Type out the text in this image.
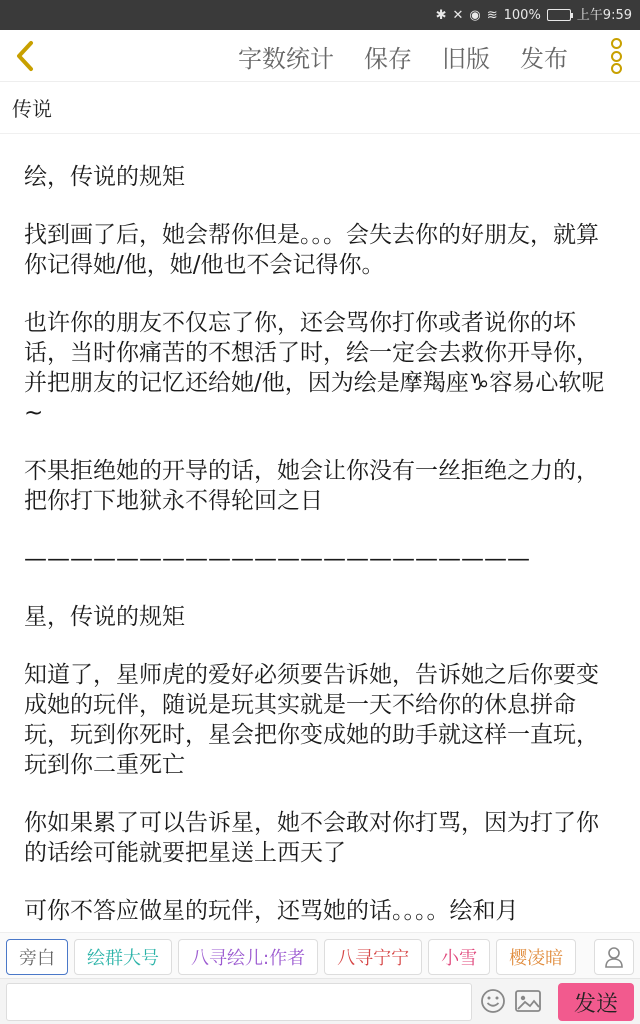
✱ ✕ ◉ ≋ 100%	上午9:59
字数统计 保存 旧版 发布
传说

绘，传说的规矩

找到画了后，她会帮你但是。。。会失去你的好朋友，就算你记得她/他，她/他也不会记得你。

也许你的朋友不仅忘了你，还会骂你打你或者说你的坏话，当时你痛苦的不想活了时，绘一定会去救你开导你，并把朋友的记忆还给她/他，因为绘是摩羯座♑容易心软呢~

不果拒绝她的开导的话，她会让你没有一丝拒绝之力的，把你打下地狱永不得轮回之日

——————————————————————

星，传说的规矩

知道了，星师虎的爱好必须要告诉她，告诉她之后你要变成她的玩伴，随说是玩其实就是一天不给你的休息拼命玩，玩到你死时，星会把你变成她的助手就这样一直玩，玩到你二重死亡

你如果累了可以告诉星，她不会敢对你打骂，因为打了你的话绘可能就要把星送上西天了

可你不答应做星的玩伴，还骂她的话。。。。绘和月

旁白	绘群大号	八寻绘儿:作者	八寻宁宁	小雪	樱凌暗
发送
